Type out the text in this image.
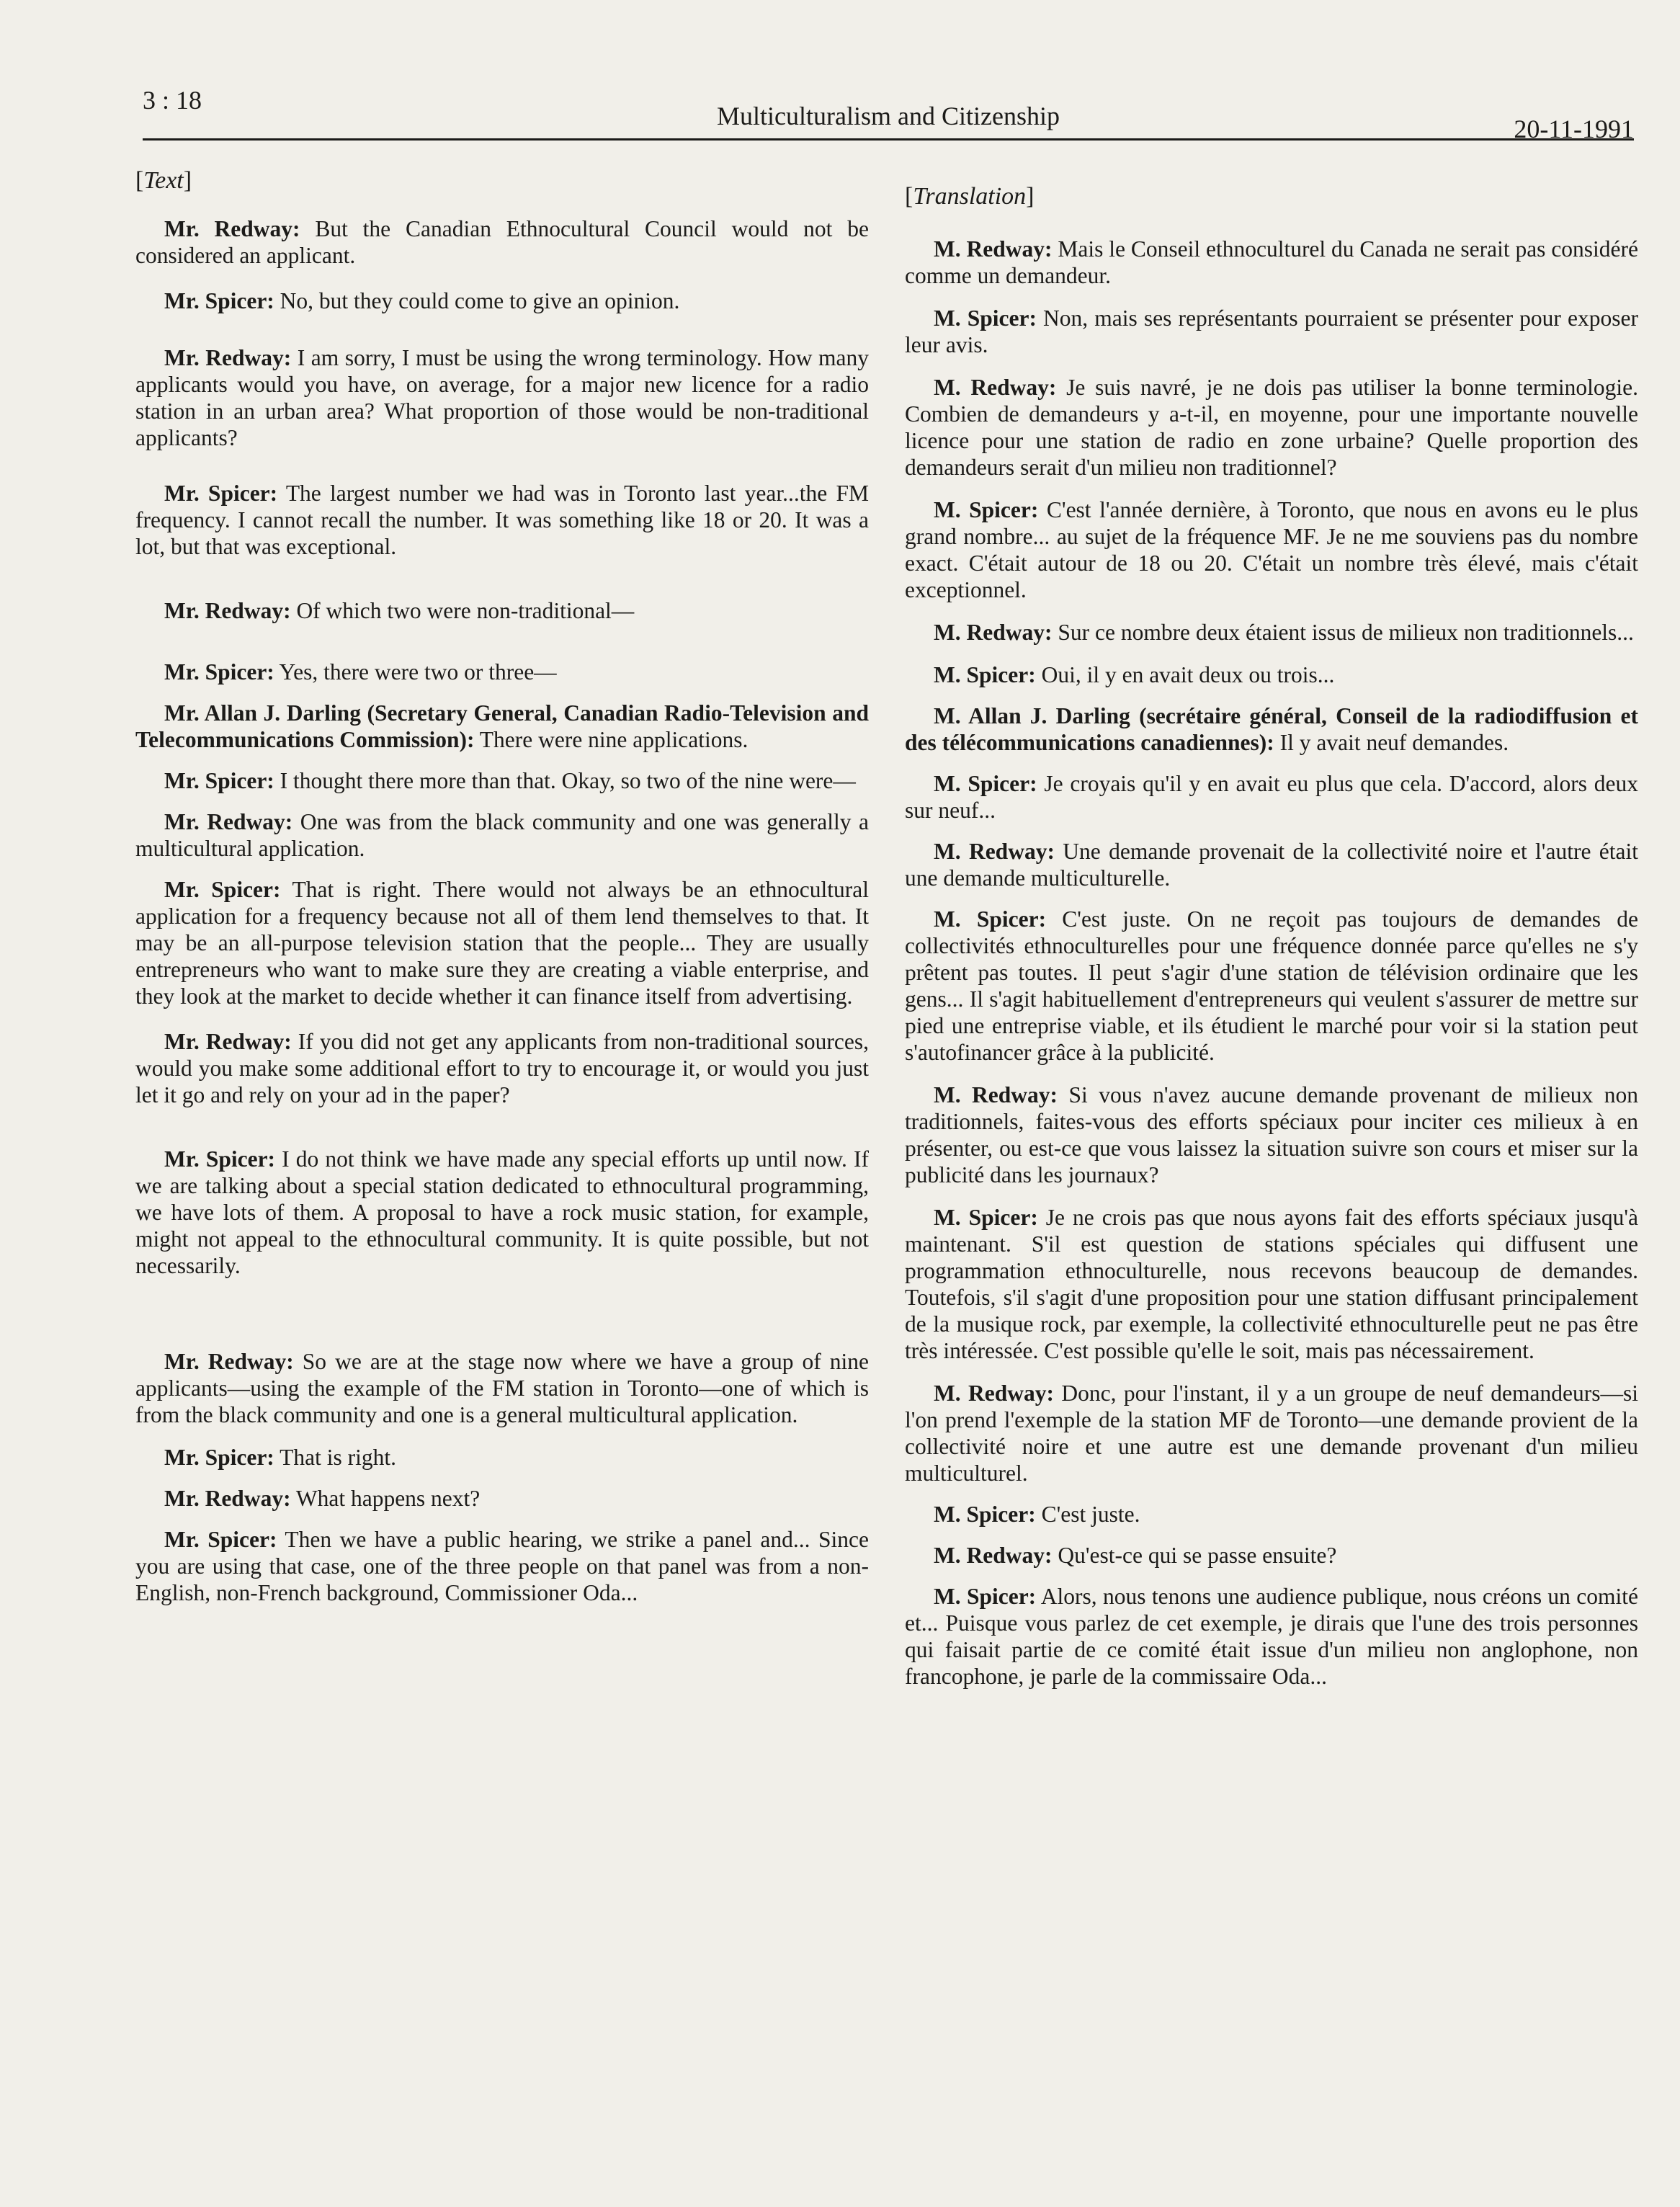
3 : 18
Multiculturalism and Citizenship	20-11-1991
[Text]

Mr. Redway: But the Canadian Ethnocultural Council would not be considered an applicant.

Mr. Spicer: No, but they could come to give an opinion.

Mr. Redway: I am sorry, I must be using the wrong terminology. How many applicants would you have, on average, for a major new licence for a radio station in an urban area? What proportion of those would be non-traditional applicants?

Mr. Spicer: The largest number we had was in Toronto last year...the FM frequency. I cannot recall the number. It was something like 18 or 20. It was a lot, but that was exceptional.

Mr. Redway: Of which two were non-traditional—

Mr. Spicer: Yes, there were two or three—

Mr. Allan J. Darling (Secretary General, Canadian Radio-Television and Telecommunications Commission): There were nine applications.

Mr. Spicer: I thought there more than that. Okay, so two of the nine were—

Mr. Redway: One was from the black community and one was generally a multicultural application.

Mr. Spicer: That is right. There would not always be an ethnocultural application for a frequency because not all of them lend themselves to that. It may be an all-purpose television station that the people... They are usually entrepreneurs who want to make sure they are creating a viable enterprise, and they look at the market to decide whether it can finance itself from advertising.

Mr. Redway: If you did not get any applicants from non-traditional sources, would you make some additional effort to try to encourage it, or would you just let it go and rely on your ad in the paper?

Mr. Spicer: I do not think we have made any special efforts up until now. If we are talking about a special station dedicated to ethnocultural programming, we have lots of them. A proposal to have a rock music station, for example, might not appeal to the ethnocultural community. It is quite possible, but not necessarily.

Mr. Redway: So we are at the stage now where we have a group of nine applicants—using the example of the FM station in Toronto—one of which is from the black community and one is a general multicultural application.

Mr. Spicer: That is right.

Mr. Redway: What happens next?

Mr. Spicer: Then we have a public hearing, we strike a panel and... Since you are using that case, one of the three people on that panel was from a non-English, non-French background, Commissioner Oda...

[Translation]

M. Redway: Mais le Conseil ethnoculturel du Canada ne serait pas considéré comme un demandeur.

M. Spicer: Non, mais ses représentants pourraient se présenter pour exposer leur avis.

M. Redway: Je suis navré, je ne dois pas utiliser la bonne terminologie. Combien de demandeurs y a-t-il, en moyenne, pour une importante nouvelle licence pour une station de radio en zone urbaine? Quelle proportion des demandeurs serait d'un milieu non traditionnel?

M. Spicer: C'est l'année dernière, à Toronto, que nous en avons eu le plus grand nombre... au sujet de la fréquence MF. Je ne me souviens pas du nombre exact. C'était autour de 18 ou 20. C'était un nombre très élevé, mais c'était exceptionnel.

M. Redway: Sur ce nombre deux étaient issus de milieux non traditionnels...

M. Spicer: Oui, il y en avait deux ou trois...

M. Allan J. Darling (secrétaire général, Conseil de la radiodiffusion et des télécommunications canadiennes): Il y avait neuf demandes.

M. Spicer: Je croyais qu'il y en avait eu plus que cela. D'accord, alors deux sur neuf...

M. Redway: Une demande provenait de la collectivité noire et l'autre était une demande multiculturelle.

M. Spicer: C'est juste. On ne reçoit pas toujours de demandes de collectivités ethnoculturelles pour une fréquence donnée parce qu'elles ne s'y prêtent pas toutes. Il peut s'agir d'une station de télévision ordinaire que les gens... Il s'agit habituellement d'entrepreneurs qui veulent s'assurer de mettre sur pied une entreprise viable, et ils étudient le marché pour voir si la station peut s'autofinancer grâce à la publicité.

M. Redway: Si vous n'avez aucune demande provenant de milieux non traditionnels, faites-vous des efforts spéciaux pour inciter ces milieux à en présenter, ou est-ce que vous laissez la situation suivre son cours et miser sur la publicité dans les journaux?

M. Spicer: Je ne crois pas que nous ayons fait des efforts spéciaux jusqu'à maintenant. S'il est question de stations spéciales qui diffusent une programmation ethnoculturelle, nous recevons beaucoup de demandes. Toutefois, s'il s'agit d'une proposition pour une station diffusant principalement de la musique rock, par exemple, la collectivité ethnoculturelle peut ne pas être très intéressée. C'est possible qu'elle le soit, mais pas nécessairement.

M. Redway: Donc, pour l'instant, il y a un groupe de neuf demandeurs—si l'on prend l'exemple de la station MF de Toronto—une demande provient de la collectivité noire et une autre est une demande provenant d'un milieu multiculturel.

M. Spicer: C'est juste.

M. Redway: Qu'est-ce qui se passe ensuite?

M. Spicer: Alors, nous tenons une audience publique, nous créons un comité et... Puisque vous parlez de cet exemple, je dirais que l'une des trois personnes qui faisait partie de ce comité était issue d'un milieu non anglophone, non francophone, je parle de la commissaire Oda...
